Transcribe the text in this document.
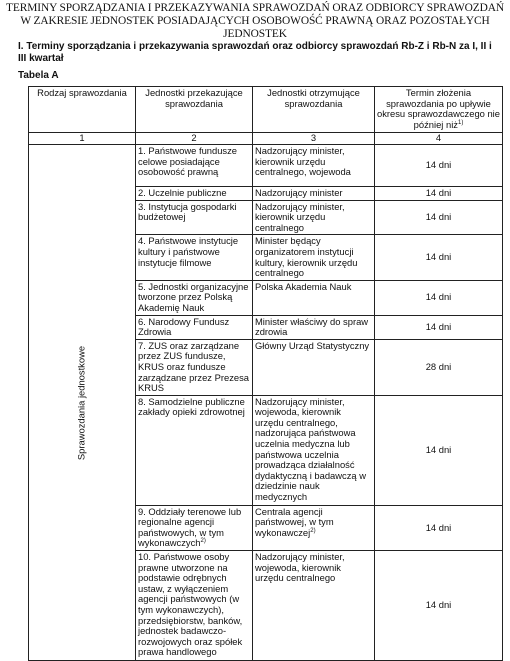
TERMINY SPORZĄDZANIA I PRZEKAZYWANIA SPRAWOZDAŃ ORAZ ODBIORCY SPRAWOZDAŃ
W ZAKRESIE JEDNOSTEK POSIADAJĄCYCH OSOBOWOŚĆ PRAWNĄ ORAZ POZOSTAŁYCH JEDNOSTEK
I. Terminy sporządzania i przekazywania sprawozdań oraz odbiorcy sprawozdań Rb-Z i Rb-N za I, II i III kwartał
Tabela A
Rodzaj sprawozdania	Jednostki przekazujące sprawozdania	Jednostki otrzymujące sprawozdania	Termin złożenia sprawozdania po upływie okresu sprawozdawczego nie później niż$^{1)}$
1	2	3	4

Sprawozdania jednostkowe	1. Państwowe fundusze celowe posiadające osobowość prawną	Nadzorujący minister, kierownik urzędu centralnego, wojewoda	14 dni
	2. Uczelnie publiczne	Nadzorujący minister	14 dni
	3. Instytucja gospodarki budżetowej	Nadzorujący minister, kierownik urzędu centralnego	14 dni
	4. Państwowe instytucje kultury i państwowe instytucje filmowe	Minister będący organizatorem instytucji kultury, kierownik urzędu centralnego	14 dni
	5. Jednostki organizacyjne tworzone przez Polską Akademię Nauk	Polska Akademia Nauk	14 dni
	6. Narodowy Fundusz Zdrowia	Minister właściwy do spraw zdrowia	14 dni
	7. ZUS oraz zarządzane przez ZUS fundusze, KRUS oraz fundusze zarządzane przez Prezesa KRUS	Główny Urząd Statystyczny	28 dni
	8. Samodzielne publiczne zakłady opieki zdrowotnej	Nadzorujący minister, wojewoda, kierownik urzędu centralnego, nadzorująca państwowa uczelnia medyczna lub państwowa uczelnia prowadząca działalność dydaktyczną i badawczą w dziedzinie nauk medycznych	14 dni
	9. Oddziały terenowe lub regionalne agencji państwowych, w tym wykonawczych$^{2)}$	Centrala agencji państwowej, w tym wykonawczej$^{2)}$	14 dni
	10. Państwowe osoby prawne utworzone na podstawie odrębnych ustaw, z wyłączeniem agencji państwowych (w tym wykonawczych), przedsiębiorstw, banków, jednostek badawczo-rozwojowych oraz spółek prawa handlowego	Nadzorujący minister, wojewoda, kierownik urzędu centralnego	14 dni
